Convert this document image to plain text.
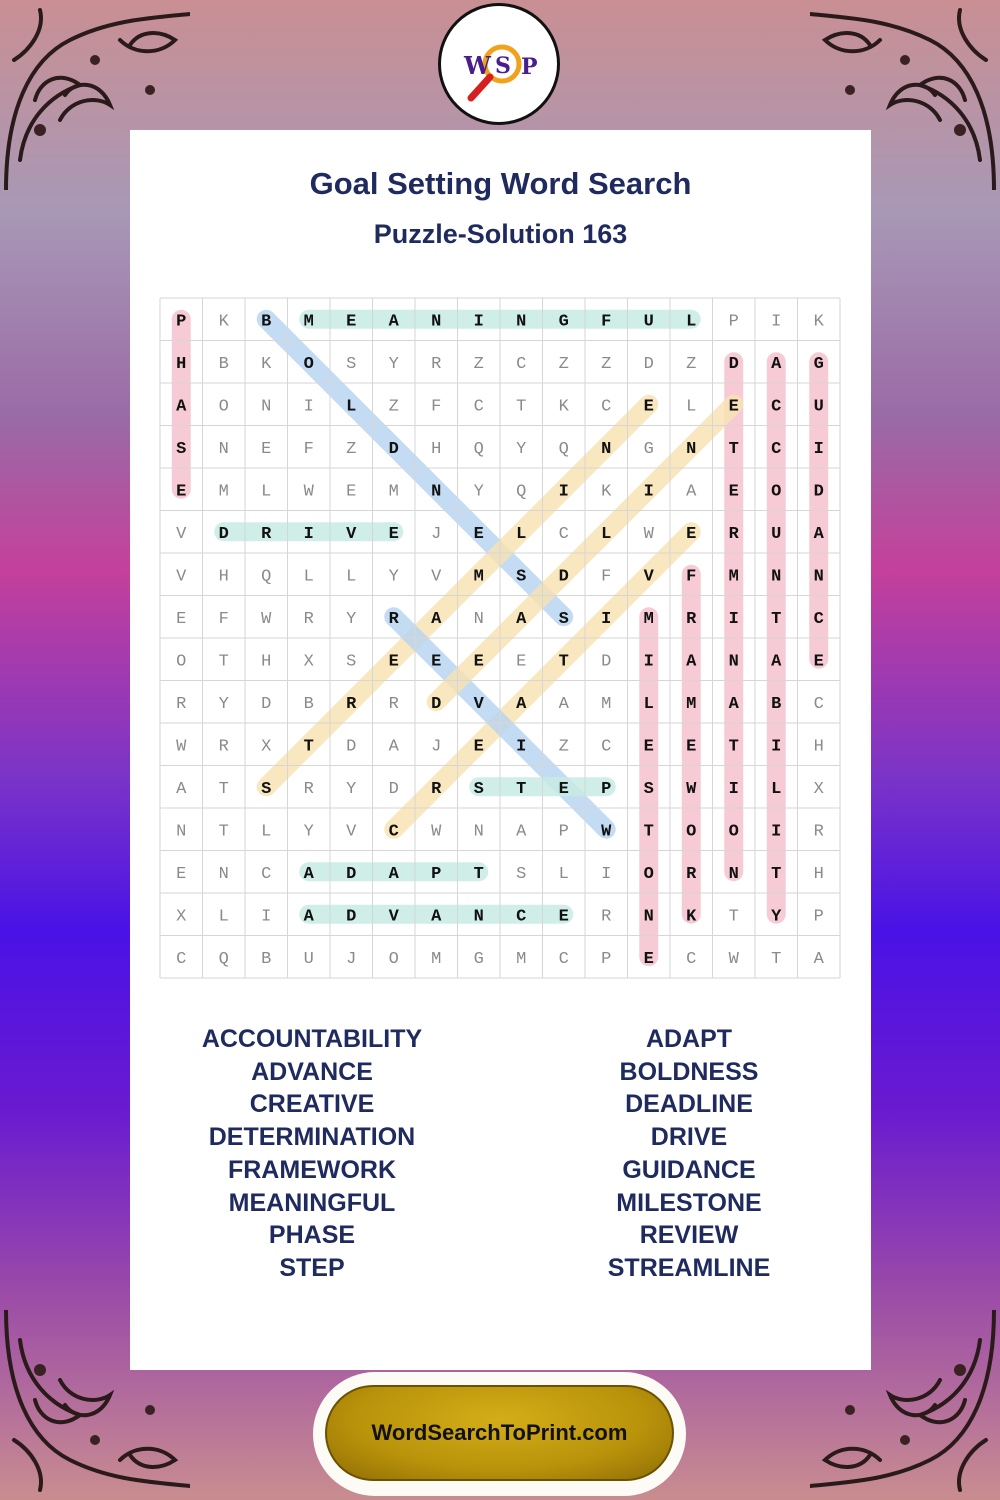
W S P
Goal Setting Word Search
Puzzle-Solution 163
P K B M E A N I N G F U L P I K
H B K O S Y R Z C Z Z D Z D A G
A O N I L Z F C T K C E L E C U
S N E F Z D H Q Y Q N G N T C I
E M L W E M N Y Q I K I A E O D
V D R I V E J E L C L W E R U A
V H Q L L Y V M S D F V F M N N
E F W R Y R A N A S I M R I T C
O T H X S E E E E T D I A N A E
R Y D B R R D V A A M L M A B C
W R X T D A J E I Z C E E T I H
A T S R Y D R S T E P S W I L X
N T L Y V C W N A P W T O O I R
E N C A D A P T S L I O R N T H
X L I A D V A N C E R N K T Y P
C Q B U J O M G M C P E C W T A
ACCOUNTABILITY
ADVANCE
CREATIVE
DETERMINATION
FRAMEWORK
MEANINGFUL
PHASE
STEP
ADAPT
BOLDNESS
DEADLINE
DRIVE
GUIDANCE
MILESTONE
REVIEW
STREAMLINE
WordSearchToPrint.com
